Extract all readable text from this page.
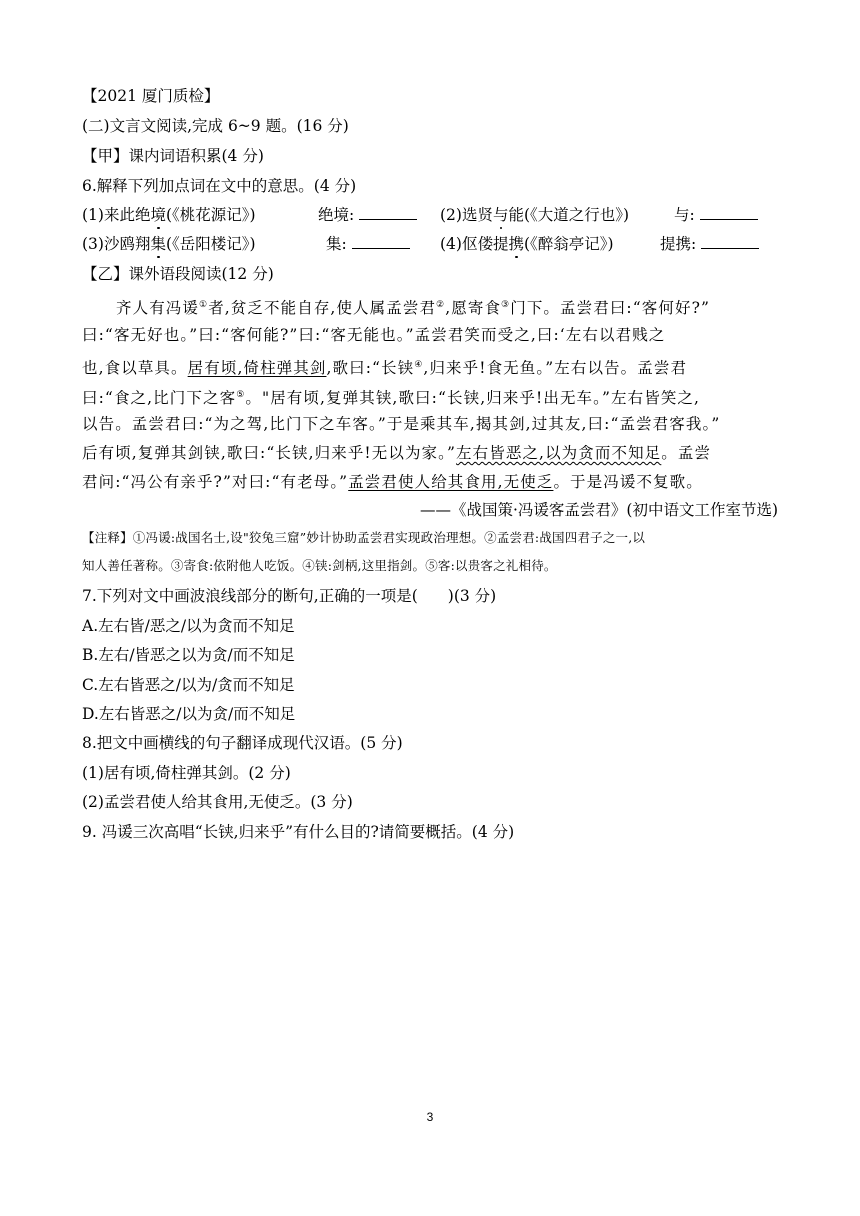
【2021 厦门质检】
(二)文言文阅读,完成 6~9 题。(16 分)
【甲】课内词语积累(4 分)
6.解释下列加点词在文中的意思。(4 分)
(1)来此绝境(《桃花源记》)	绝境:	(2)选贤与能(《大道之行也》)	与:
(3)沙鸥翔集(《岳阳楼记》)	集:	(4)伛偻提携(《醉翁亭记》)	提携:
【乙】课外语段阅读(12 分)
齐人有冯谖①者,贫乏不能自存,使人属孟尝君②,愿寄食③门下。孟尝君曰:“客何好?”
曰:“客无好也。”曰:“客何能?”曰:“客无能也。”孟尝君笑而受之,曰:‘左右以君贱之
也,食以草具。居有顷,倚柱弹其剑,歌曰:“长铗④,归来乎!食无鱼。”左右以告。孟尝君
曰:“食之,比门下之客⑤。"居有顷,复弹其铗,歌曰:“长铗,归来乎!出无车。”左右皆笑之,
以告。孟尝君曰:“为之驾,比门下之车客。”于是乘其车,揭其剑,过其友,曰:“孟尝君客我。”
后有顷,复弹其剑铗,歌曰:“长铗,归来乎!无以为家。”左右皆恶之,以为贪而不知足。孟尝
君问:“冯公有亲乎?”对曰:“有老母。”孟尝君使人给其食用,无使乏。于是冯谖不复歌。
——《战国策·冯谖客孟尝君》(初中语文工作室节选)
【注释】①冯谖:战国名士,设"狡兔三窟”妙计协助孟尝君实现政治理想。②孟尝君:战国四君子之一,以
知人善任著称。③寄食:依附他人吃饭。④铗:剑柄,这里指剑。⑤客:以贵客之礼相待。
7.下列对文中画波浪线部分的断句,正确的一项是( )(3 分)
A.左右皆/恶之/以为贪而不知足
B.左右/皆恶之以为贪/而不知足
C.左右皆恶之/以为/贪而不知足
D.左右皆恶之/以为贪/而不知足
8.把文中画横线的句子翻译成现代汉语。(5 分)
(1)居有顷,倚柱弹其剑。(2 分)
(2)孟尝君使人给其食用,无使乏。(3 分)
9. 冯谖三次高唱“长铗,归来乎”有什么目的?请简要概括。(4 分)
3
